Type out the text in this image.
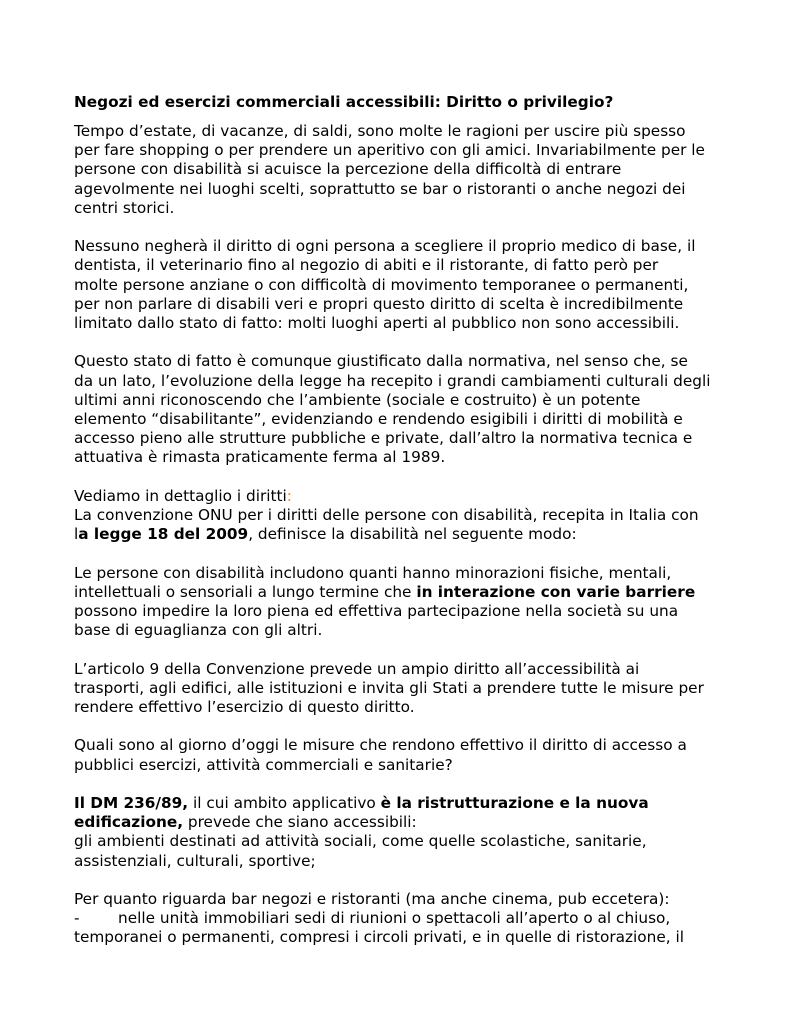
Negozi ed esercizi commerciali accessibili: Diritto o privilegio?

Tempo d’estate, di vacanze, di saldi, sono molte le ragioni per uscire più spesso
per fare shopping o per prendere un aperitivo con gli amici. Invariabilmente per le
persone con disabilità si acuisce la percezione della difficoltà di entrare
agevolmente nei luoghi scelti, soprattutto se bar o ristoranti o anche negozi dei
centri storici.

Nessuno negherà il diritto di ogni persona a scegliere il proprio medico di base, il
dentista, il veterinario fino al negozio di abiti e il ristorante, di fatto però per
molte persone anziane o con difficoltà di movimento temporanee o permanenti,
per non parlare di disabili veri e propri questo diritto di scelta è incredibilmente
limitato dallo stato di fatto: molti luoghi aperti al pubblico non sono accessibili.

Questo stato di fatto è comunque giustificato dalla normativa, nel senso che, se
da un lato, l’evoluzione della legge ha recepito i grandi cambiamenti culturali degli
ultimi anni riconoscendo che l’ambiente (sociale e costruito) è un potente
elemento “disabilitante”, evidenziando e rendendo esigibili i diritti di mobilità e
accesso pieno alle strutture pubbliche e private, dall’altro la normativa tecnica e
attuativa è rimasta praticamente ferma al 1989.

Vediamo in dettaglio i diritti:
La convenzione ONU per i diritti delle persone con disabilità, recepita in Italia con
la legge 18 del 2009, definisce la disabilità nel seguente modo:

Le persone con disabilità includono quanti hanno minorazioni fisiche, mentali,
intellettuali o sensoriali a lungo termine che in interazione con varie barriere
possono impedire la loro piena ed effettiva partecipazione nella società su una
base di eguaglianza con gli altri.

L’articolo 9 della Convenzione prevede un ampio diritto all’accessibilità ai
trasporti, agli edifici, alle istituzioni e invita gli Stati a prendere tutte le misure per
rendere effettivo l’esercizio di questo diritto.

Quali sono al giorno d’oggi le misure che rendono effettivo il diritto di accesso a
pubblici esercizi, attività commerciali e sanitarie?

Il DM 236/89, il cui ambito applicativo è la ristrutturazione e la nuova
edificazione, prevede che siano accessibili:
gli ambienti destinati ad attività sociali, come quelle scolastiche, sanitarie,
assistenziali, culturali, sportive;

Per quanto riguarda bar negozi e ristoranti (ma anche cinema, pub eccetera):
-	nelle unità immobiliari sedi di riunioni o spettacoli all’aperto o al chiuso,
temporanei o permanenti, compresi i circoli privati, e in quelle di ristorazione, il
